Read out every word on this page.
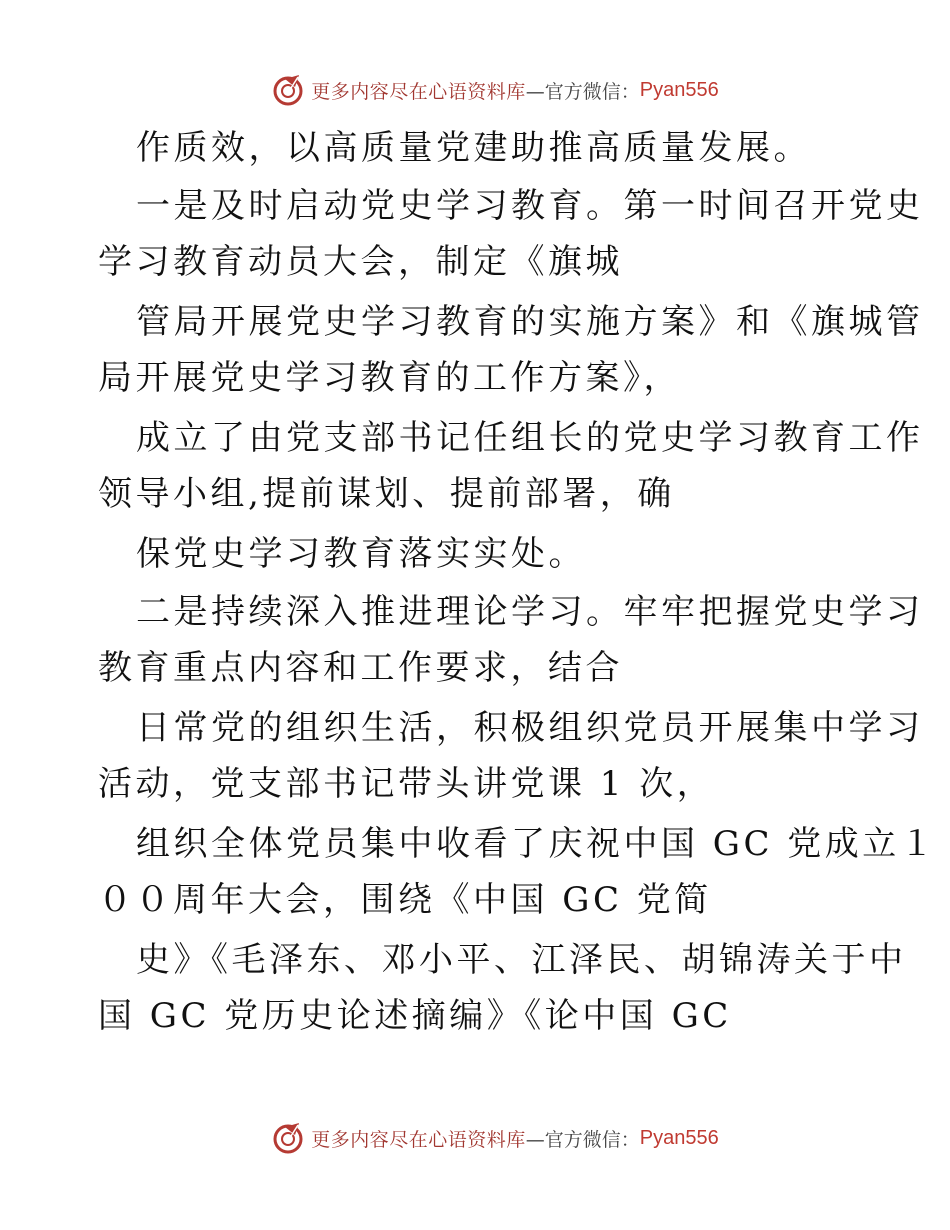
更多内容尽在心语资料库 —官方微信： Pyan556
作质效，以高质量党建助推高质量发展。
一是及时启动党史学习教育。第一时间召开党史
学习教育动员大会，制定《旗城
管局开展党史学习教育的实施方案》和《旗城管
局开展党史学习教育的工作方案》，
成立了由党支部书记任组长的党史学习教育工作
领导小组,提前谋划、提前部署，确
保党史学习教育落实实处。
二是持续深入推进理论学习。牢牢把握党史学习
教育重点内容和工作要求，结合
日常党的组织生活，积极组织党员开展集中学习
活动，党支部书记带头讲党课 1 次，
组织全体党员集中收看了庆祝中国 GC 党成立１
００周年大会，围绕《中国 GC 党简
史》《毛泽东、邓小平、江泽民、胡锦涛关于中
国 GC 党历史论述摘编》《论中国 GC
更多内容尽在心语资料库 —官方微信： Pyan556
